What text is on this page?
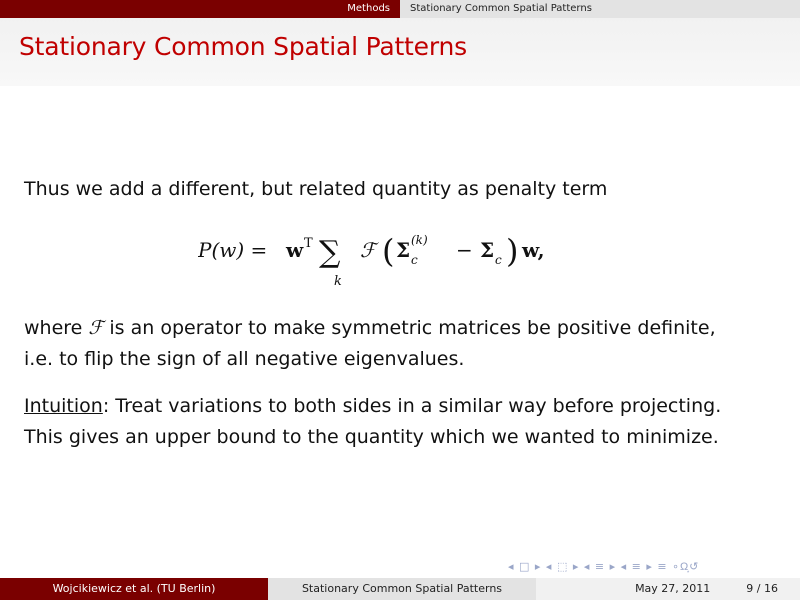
Methods	Stationary Common Spatial Patterns
Stationary Common Spatial Patterns
Thus we add a different, but related quantity as penalty term
P(w) = w T ∑
k
ℱ ( Σ c
(k) − Σ c ) w,
where ℱ is an operator to make symmetric matrices be positive definite,
i.e. to flip the sign of all negative eigenvalues.
Intuition: Treat variations to both sides in a similar way before projecting.
This gives an upper bound to the quantity which we wanted to minimize.
◂ □ ▸ ◂ ⬚ ▸ ◂ ≡ ▸ ◂ ≡ ▸ ≡ ∘Ω͙↺
Wojcikiewicz et al. (TU Berlin)	Stationary Common Spatial Patterns	May 27, 2011	9 / 16
